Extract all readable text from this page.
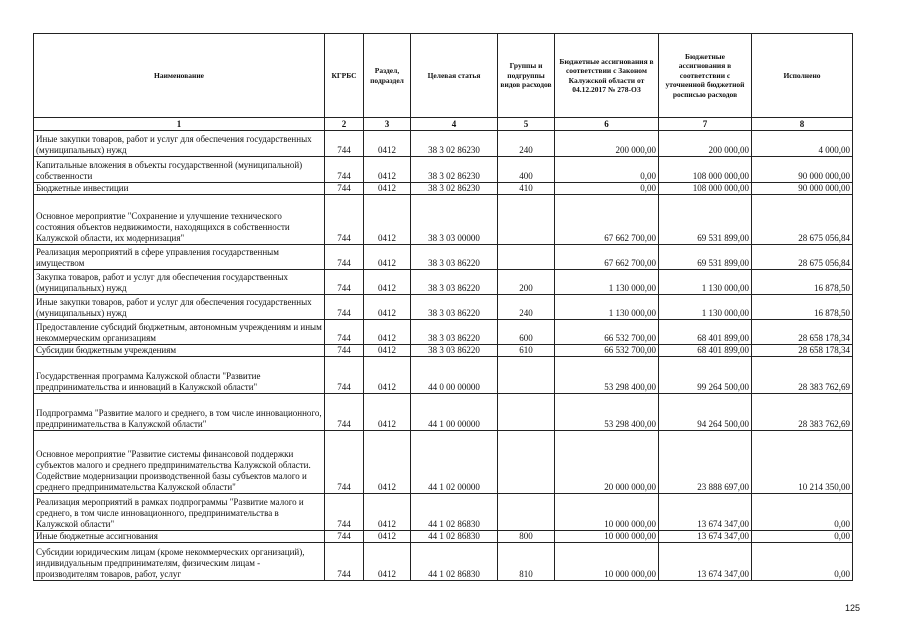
Наименование	КГРБС	Раздел, подраздел	Целевая статья	Группы и подгруппы видов расходов	Бюджетные ассигнования в соответствии с Законом Калужской области от 04.12.2017 № 278-ОЗ	Бюджетные ассигнования в соответствии с уточненной бюджетной росписью расходов	Исполнено
1	2	3	4	5	6	7	8
Иные закупки товаров, работ и услуг для обеспечения государственных (муниципальных) нужд	744	0412	38 3 02 86230	240	200 000,00	200 000,00	4 000,00
Капитальные вложения в объекты государственной (муниципальной) собственности	744	0412	38 3 02 86230	400	0,00	108 000 000,00	90 000 000,00
Бюджетные инвестиции	744	0412	38 3 02 86230	410	0,00	108 000 000,00	90 000 000,00
Основное мероприятие "Сохранение и улучшение технического состояния объектов недвижимости, находящихся в собственности Калужской области, их модернизация"	744	0412	38 3 03 00000		67 662 700,00	69 531 899,00	28 675 056,84
Реализация мероприятий в сфере управления государственным имуществом	744	0412	38 3 03 86220		67 662 700,00	69 531 899,00	28 675 056,84
Закупка товаров, работ и услуг для обеспечения государственных (муниципальных) нужд	744	0412	38 3 03 86220	200	1 130 000,00	1 130 000,00	16 878,50
Иные закупки товаров, работ и услуг для обеспечения государственных (муниципальных) нужд	744	0412	38 3 03 86220	240	1 130 000,00	1 130 000,00	16 878,50
Предоставление субсидий бюджетным, автономным учреждениям и иным некоммерческим организациям	744	0412	38 3 03 86220	600	66 532 700,00	68 401 899,00	28 658 178,34
Субсидии бюджетным учреждениям	744	0412	38 3 03 86220	610	66 532 700,00	68 401 899,00	28 658 178,34
Государственная программа Калужской области "Развитие предпринимательства и инноваций в Калужской области"	744	0412	44 0 00 00000		53 298 400,00	99 264 500,00	28 383 762,69
Подпрограмма "Развитие малого и среднего, в том числе инновационного, предпринимательства в Калужской области"	744	0412	44 1 00 00000		53 298 400,00	94 264 500,00	28 383 762,69
Основное мероприятие "Развитие системы финансовой поддержки субъектов малого и среднего предпринимательства Калужской области. Содействие модернизации производственной базы субъектов малого и среднего предпринимательства Калужской области"	744	0412	44 1 02 00000		20 000 000,00	23 888 697,00	10 214 350,00
Реализация мероприятий в рамках подпрограммы "Развитие малого и среднего, в том числе инновационного, предпринимательства в Калужской области"	744	0412	44 1 02 86830		10 000 000,00	13 674 347,00	0,00
Иные бюджетные ассигнования	744	0412	44 1 02 86830	800	10 000 000,00	13 674 347,00	0,00
Субсидии юридическим лицам (кроме некоммерческих организаций), индивидуальным предпринимателям, физическим лицам - производителям товаров, работ, услуг	744	0412	44 1 02 86830	810	10 000 000,00	13 674 347,00	0,00
125
